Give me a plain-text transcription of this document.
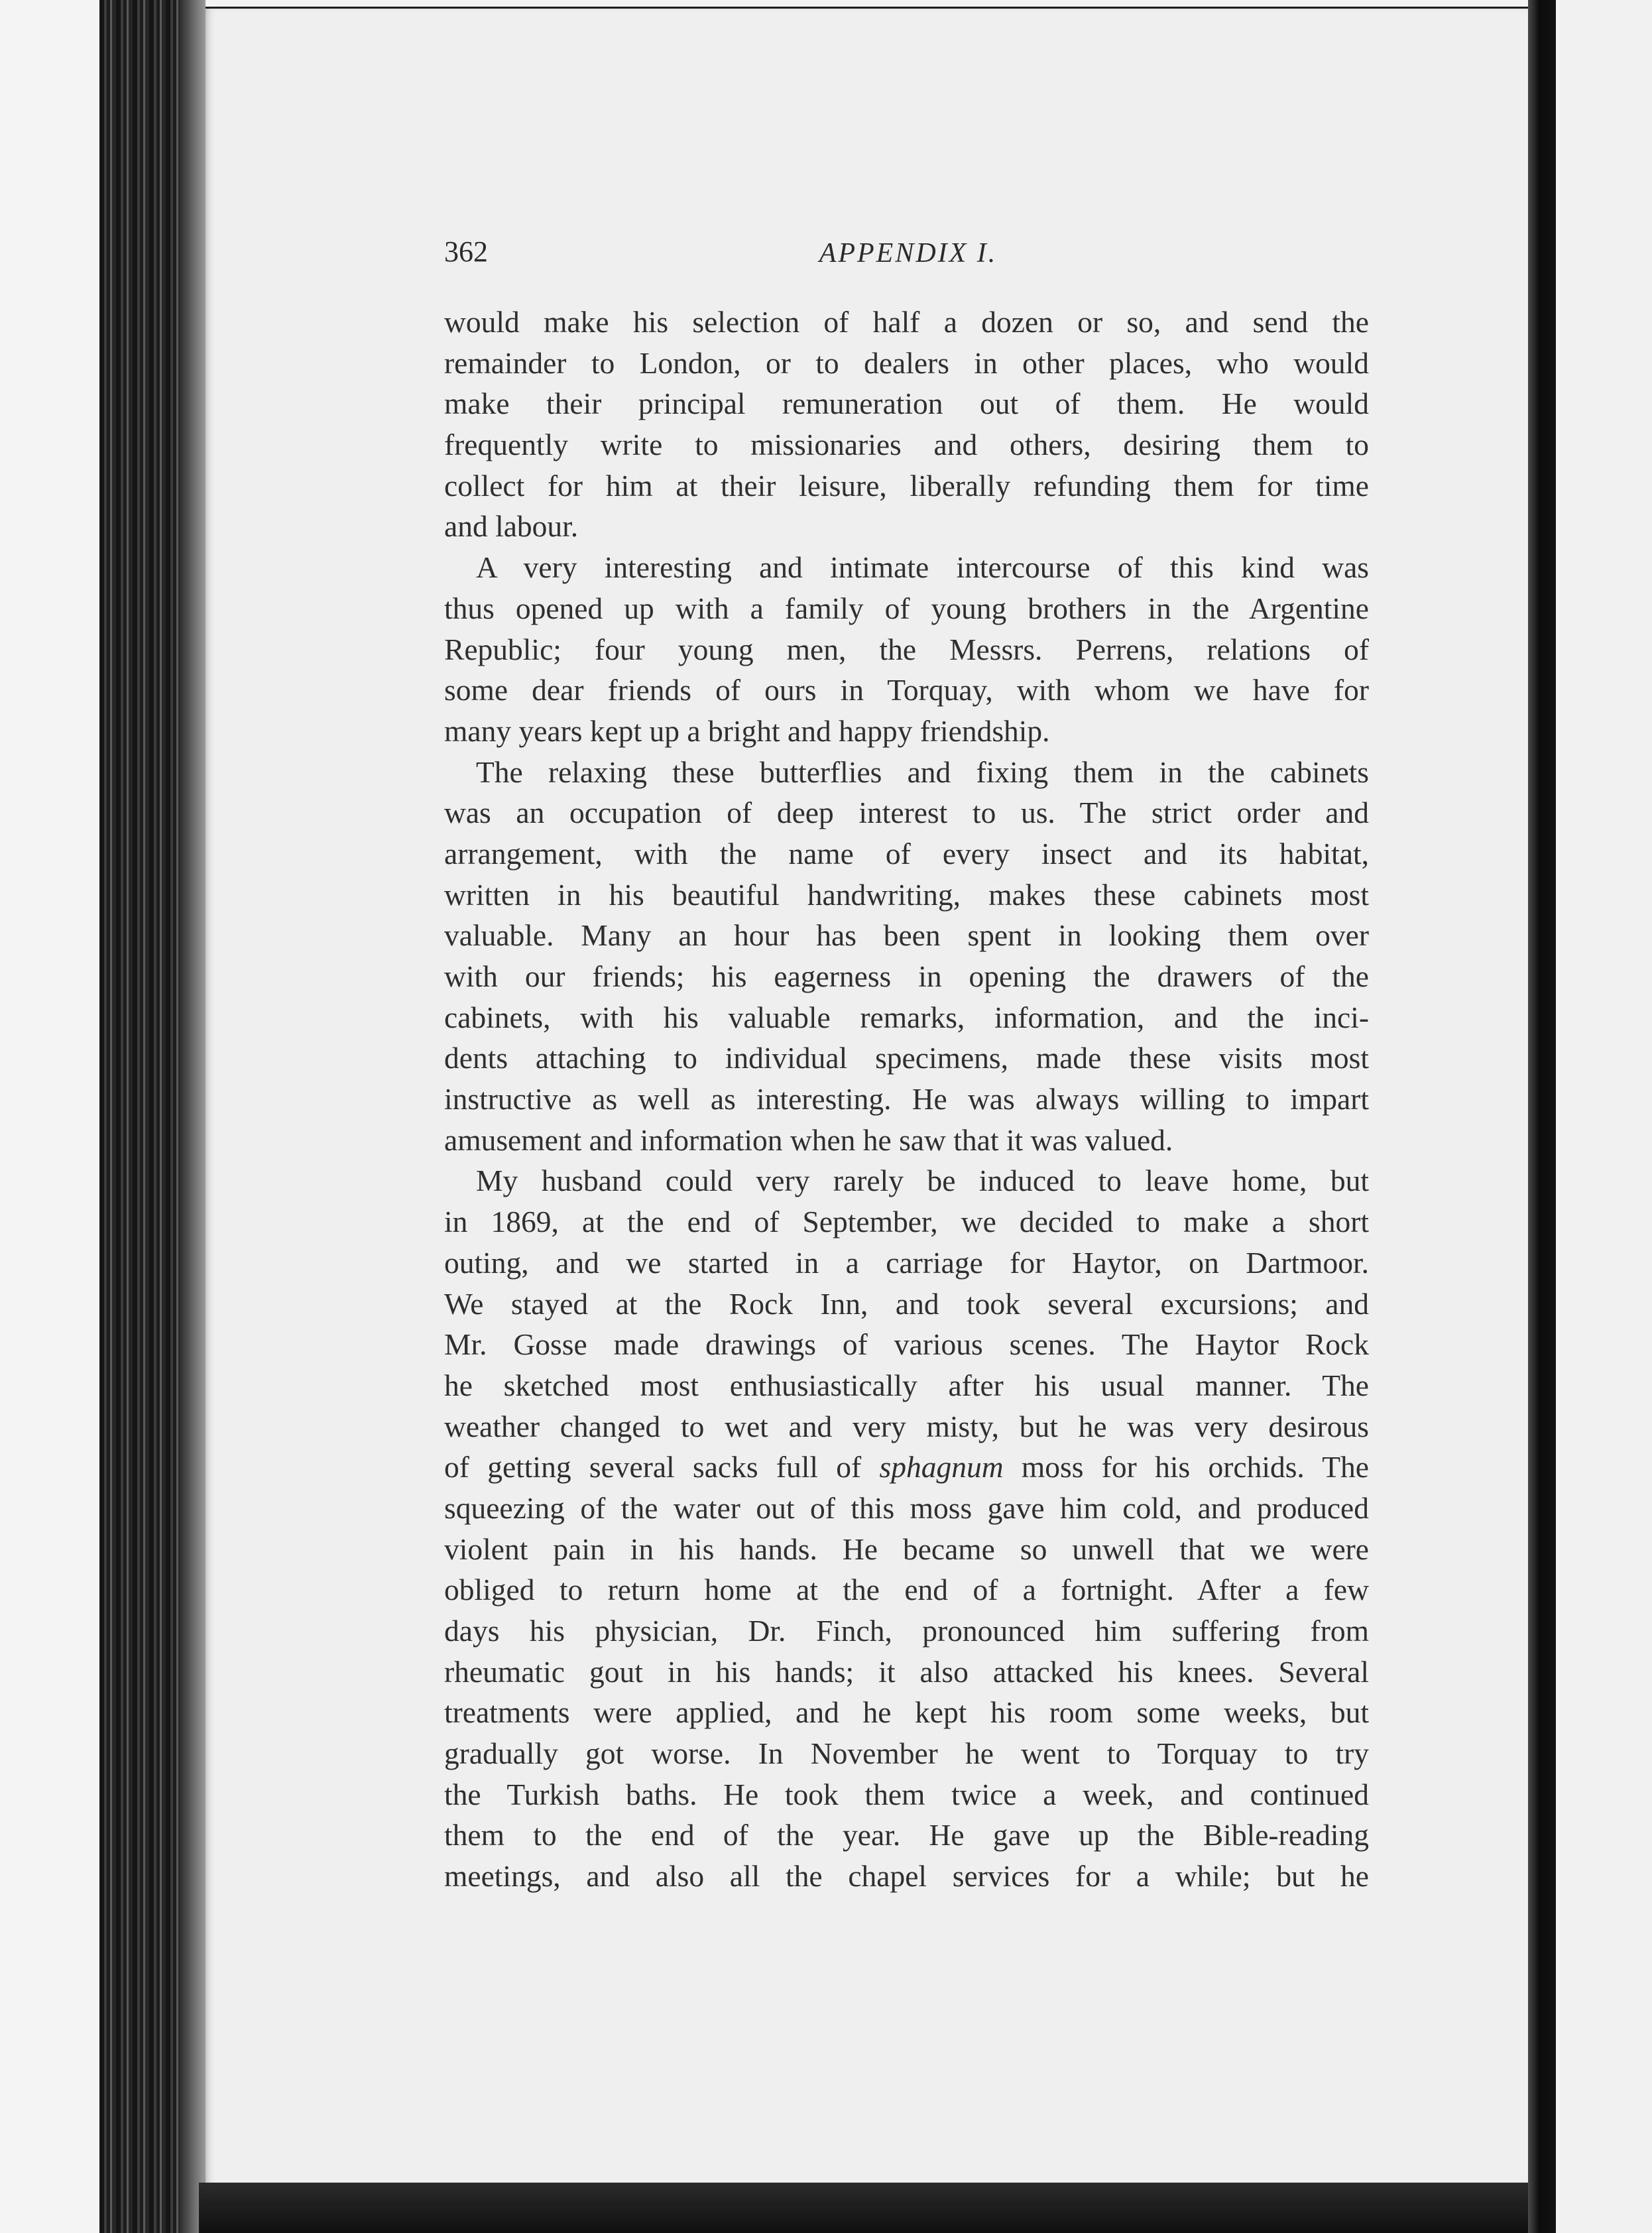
362	APPENDIX I.
would make his selection of half a dozen or so, and send the
remainder to London, or to dealers in other places, who would
make their principal remuneration out of them. He would
frequently write to missionaries and others, desiring them to
collect for him at their leisure, liberally refunding them for time
and labour.
A very interesting and intimate intercourse of this kind was
thus opened up with a family of young brothers in the Argentine
Republic; four young men, the Messrs. Perrens, relations of
some dear friends of ours in Torquay, with whom we have for
many years kept up a bright and happy friendship.
The relaxing these butterflies and fixing them in the cabinets
was an occupation of deep interest to us. The strict order and
arrangement, with the name of every insect and its habitat,
written in his beautiful handwriting, makes these cabinets most
valuable. Many an hour has been spent in looking them over
with our friends; his eagerness in opening the drawers of the
cabinets, with his valuable remarks, information, and the inci-
dents attaching to individual specimens, made these visits most
instructive as well as interesting. He was always willing to impart
amusement and information when he saw that it was valued.
My husband could very rarely be induced to leave home, but
in 1869, at the end of September, we decided to make a short
outing, and we started in a carriage for Haytor, on Dartmoor.
We stayed at the Rock Inn, and took several excursions; and
Mr. Gosse made drawings of various scenes. The Haytor Rock
he sketched most enthusiastically after his usual manner. The
weather changed to wet and very misty, but he was very desirous
of getting several sacks full of sphagnum moss for his orchids. The
squeezing of the water out of this moss gave him cold, and produced
violent pain in his hands. He became so unwell that we were
obliged to return home at the end of a fortnight. After a few
days his physician, Dr. Finch, pronounced him suffering from
rheumatic gout in his hands; it also attacked his knees. Several
treatments were applied, and he kept his room some weeks, but
gradually got worse. In November he went to Torquay to try
the Turkish baths. He took them twice a week, and continued
them to the end of the year. He gave up the Bible-reading
meetings, and also all the chapel services for a while; but he
